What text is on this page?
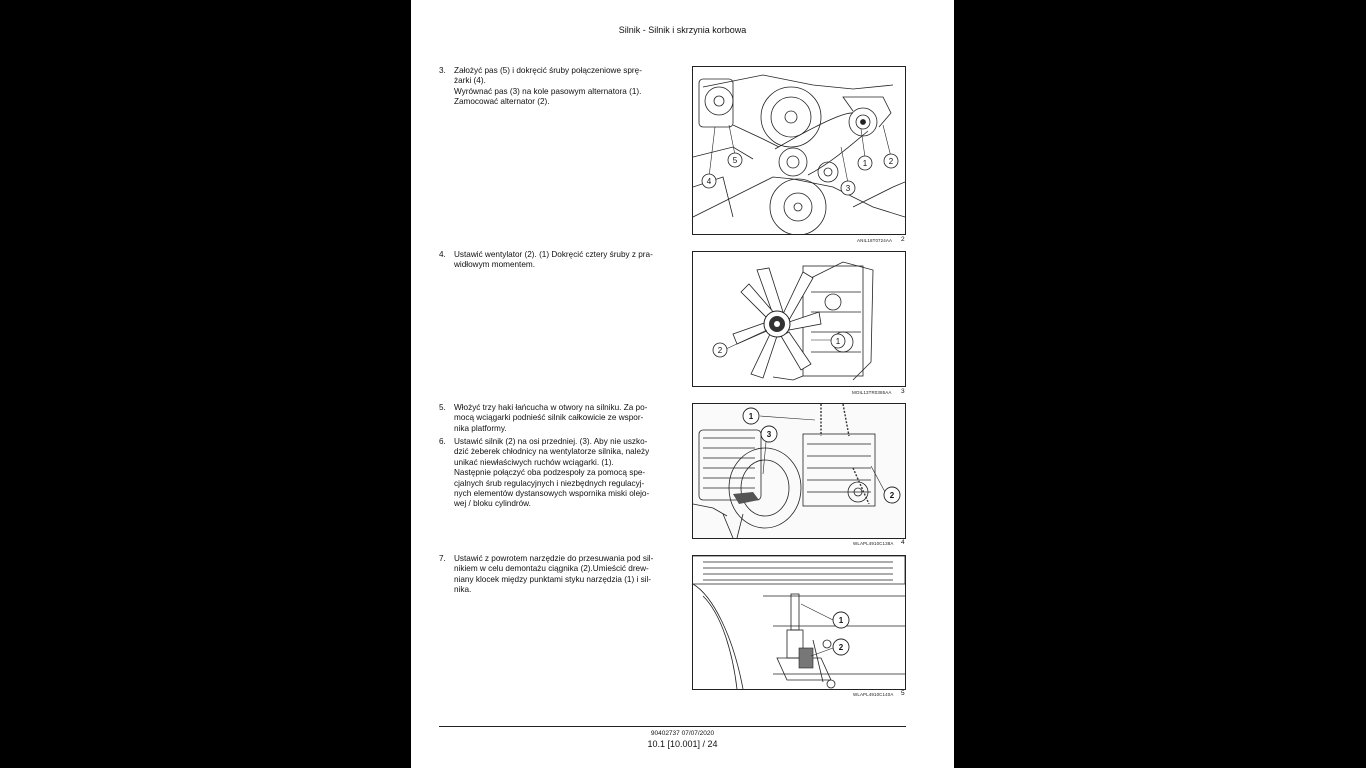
Silnik - Silnik i skrzynia korbowa
3. Założyć pas (5) i dokręcić śruby połączeniowe sprę-
żarki (4).
Wyrównać pas (3) na kole pasowym alternatora (1).
Zamocować alternator (2).
1	2
3
4
5
ANIL18T0724AA 2
4. Ustawić wentylator (2). (1) Dokręcić cztery śruby z pra-
widłowym momentem.
1
2
MOIL13TR0385AA 3
5. Włożyć trzy haki łańcucha w otwory na silniku. Za po-
mocą wciągarki podnieść silnik całkowicie ze wspor-
nika platformy.
6. Ustawić silnik (2) na osi przedniej. (3). Aby nie uszko-
dzić żeberek chłodnicy na wentylatorze silnika, należy
unikać niewłaściwych ruchów wciągarki. (1).
Następnie połączyć oba podzespoły za pomocą spe-
cjalnych śrub regulacyjnych i niezbędnych regulacyj-
nych elementów dystansowych wspornika miski olejo-
wej / bloku cylindrów.
1
2
3
WLAPL4910C138A 4
7. Ustawić z powrotem narzędzie do przesuwania pod sil-
nikiem w celu demontażu ciągnika (2).Umieścić drew-
niany klocek między punktami styku narzędzia (1) i sil-
nika.
1
2
WLAPL4910C140A 5
90402737 07/07/2020
10.1 [10.001] / 24
